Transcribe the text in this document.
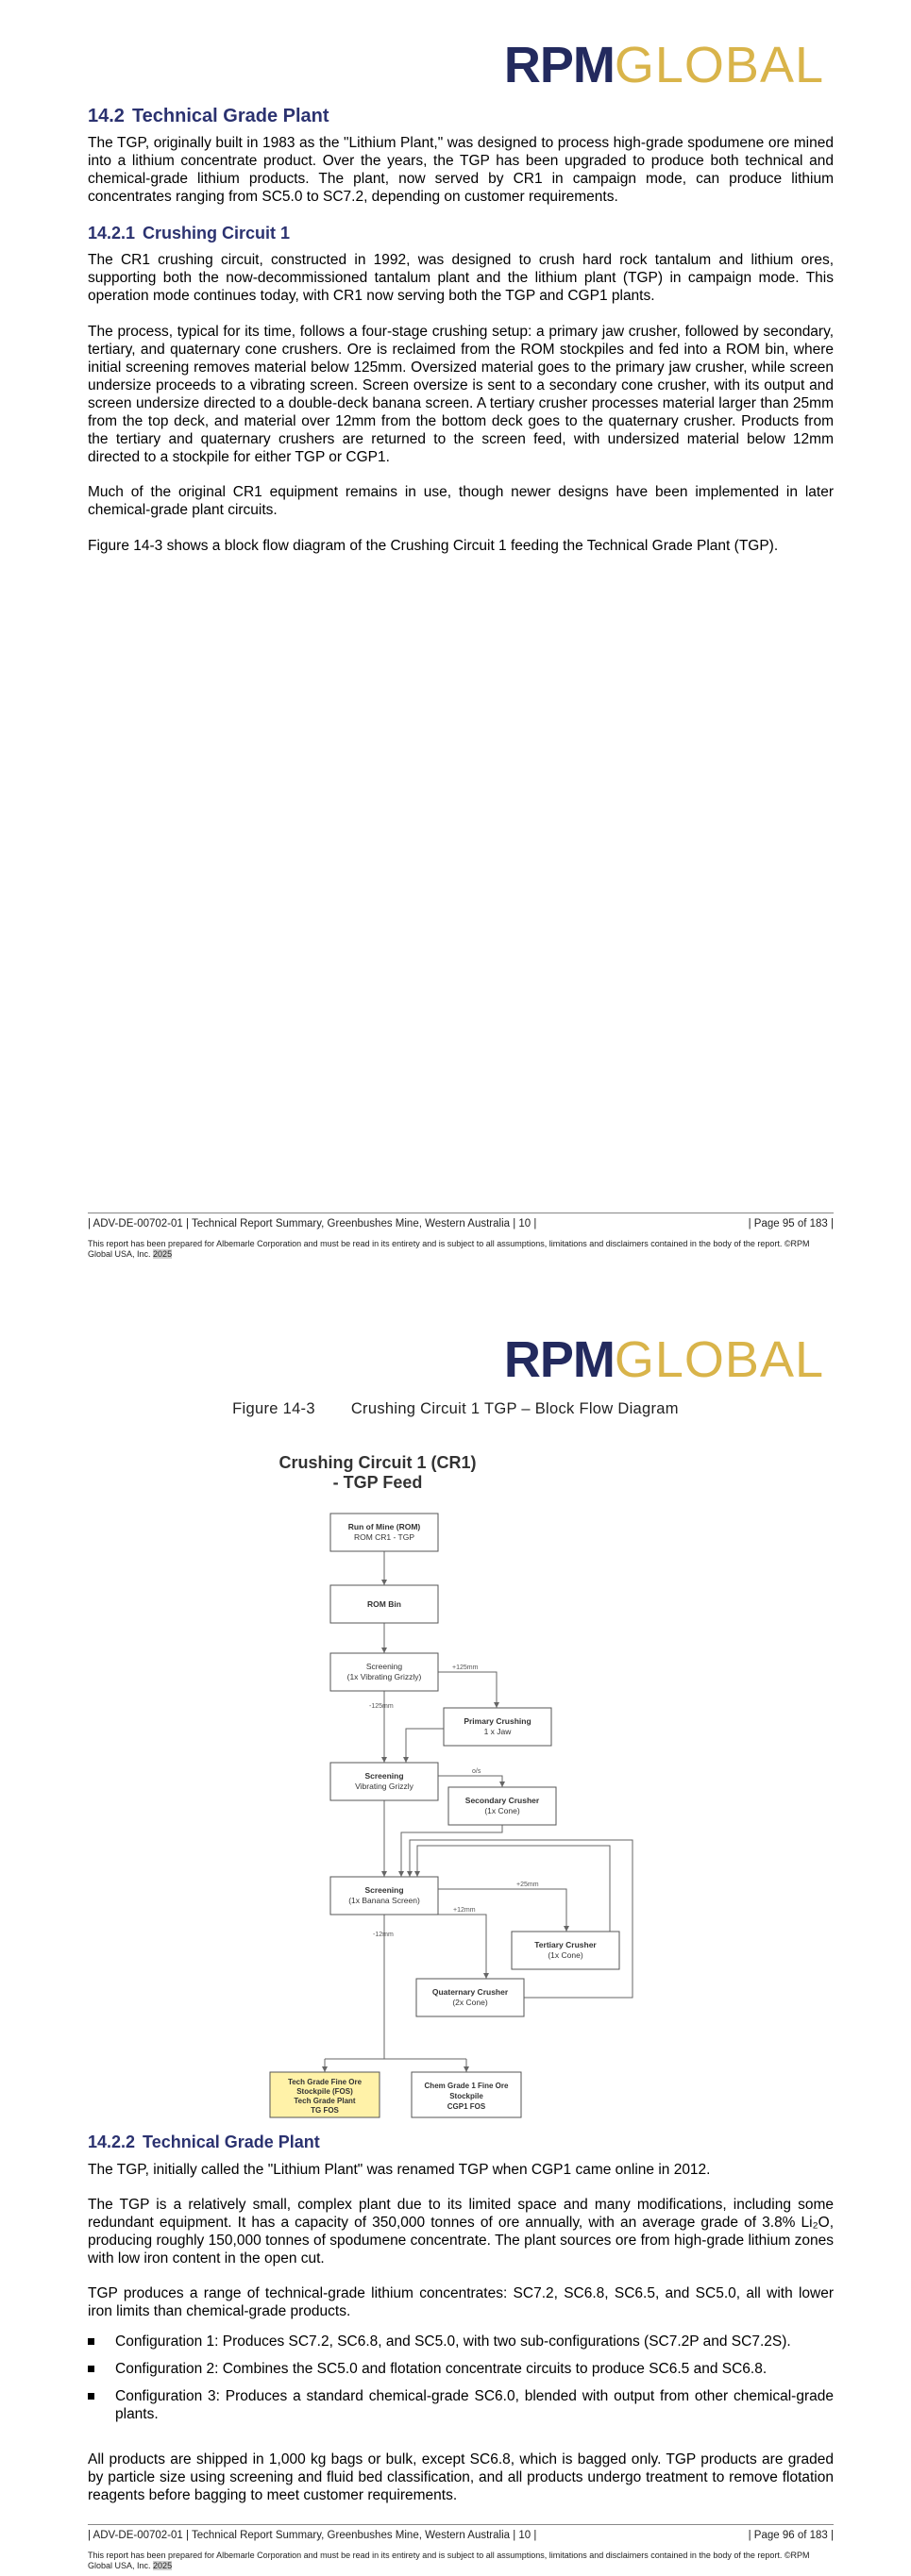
RPMGLOBAL
14.2 Technical Grade Plant

The TGP, originally built in 1983 as the "Lithium Plant," was designed to process high-grade spodumene ore mined into a lithium concentrate product. Over the years, the TGP has been upgraded to produce both technical and chemical-grade lithium products. The plant, now served by CR1 in campaign mode, can produce lithium concentrates ranging from SC5.0 to SC7.2, depending on customer requirements.

14.2.1 Crushing Circuit 1

The CR1 crushing circuit, constructed in 1992, was designed to crush hard rock tantalum and lithium ores, supporting both the now-decommissioned tantalum plant and the lithium plant (TGP) in campaign mode. This operation mode continues today, with CR1 now serving both the TGP and CGP1 plants.

The process, typical for its time, follows a four-stage crushing setup: a primary jaw crusher, followed by secondary, tertiary, and quaternary cone crushers. Ore is reclaimed from the ROM stockpiles and fed into a ROM bin, where initial screening removes material below 125mm. Oversized material goes to the primary jaw crusher, while screen undersize proceeds to a vibrating screen. Screen oversize is sent to a secondary cone crusher, with its output and screen undersize directed to a double-deck banana screen. A tertiary crusher processes material larger than 25mm from the top deck, and material over 12mm from the bottom deck goes to the quaternary crusher. Products from the tertiary and quaternary crushers are returned to the screen feed, with undersized material below 12mm directed to a stockpile for either TGP or CGP1.

Much of the original CR1 equipment remains in use, though newer designs have been implemented in later chemical-grade plant circuits.

Figure 14-3 shows a block flow diagram of the Crushing Circuit 1 feeding the Technical Grade Plant (TGP).

| ADV-DE-00702-01 | Technical Report Summary, Greenbushes Mine, Western Australia | 10 |	| Page 95 of 183 |
This report has been prepared for Albemarle Corporation and must be read in its entirety and is subject to all assumptions, limitations and disclaimers contained in the body of the report. ©RPM Global USA, Inc. 2025
RPMGLOBAL
Figure 14-3 Crushing Circuit 1 TGP – Block Flow Diagram
Crushing Circuit 1 (CR1)
- TGP Feed
+125mm
-125mm
o/s
+25mm
+12mm
-12mm
Run of Mine (ROM)
ROM CR1 - TGP
ROM Bin
Screening
(1x Vibrating Grizzly)
Primary Crushing
1 x Jaw
Screening
Vibrating Grizzly
Secondary Crusher
(1x Cone)
Screening
(1x Banana Screen)
Tertiary Crusher
(1x Cone)
Quaternary Crusher
(2x Cone)
Tech Grade Fine Ore
Stockpile (FOS)
Tech Grade Plant
TG FOS
Chem Grade 1 Fine Ore
Stockpile
CGP1 FOS
14.2.2 Technical Grade Plant

The TGP, initially called the "Lithium Plant" was renamed TGP when CGP1 came online in 2012.

The TGP is a relatively small, complex plant due to its limited space and many modifications, including some redundant equipment. It has a capacity of 350,000 tonnes of ore annually, with an average grade of 3.8% Li₂O, producing roughly 150,000 tonnes of spodumene concentrate. The plant sources ore from high-grade lithium zones with low iron content in the open cut.

TGP produces a range of technical-grade lithium concentrates: SC7.2, SC6.8, SC6.5, and SC5.0, all with lower iron limits than chemical-grade products.

Configuration 1: Produces SC7.2, SC6.8, and SC5.0, with two sub-configurations (SC7.2P and SC7.2S).
Configuration 2: Combines the SC5.0 and flotation concentrate circuits to produce SC6.5 and SC6.8.
Configuration 3: Produces a standard chemical-grade SC6.0, blended with output from other chemical-grade plants.

All products are shipped in 1,000 kg bags or bulk, except SC6.8, which is bagged only. TGP products are graded by particle size using screening and fluid bed classification, and all products undergo treatment to remove flotation reagents before bagging to meet customer requirements.

| ADV-DE-00702-01 | Technical Report Summary, Greenbushes Mine, Western Australia | 10 |	| Page 96 of 183 |
This report has been prepared for Albemarle Corporation and must be read in its entirety and is subject to all assumptions, limitations and disclaimers contained in the body of the report. ©RPM Global USA, Inc. 2025
